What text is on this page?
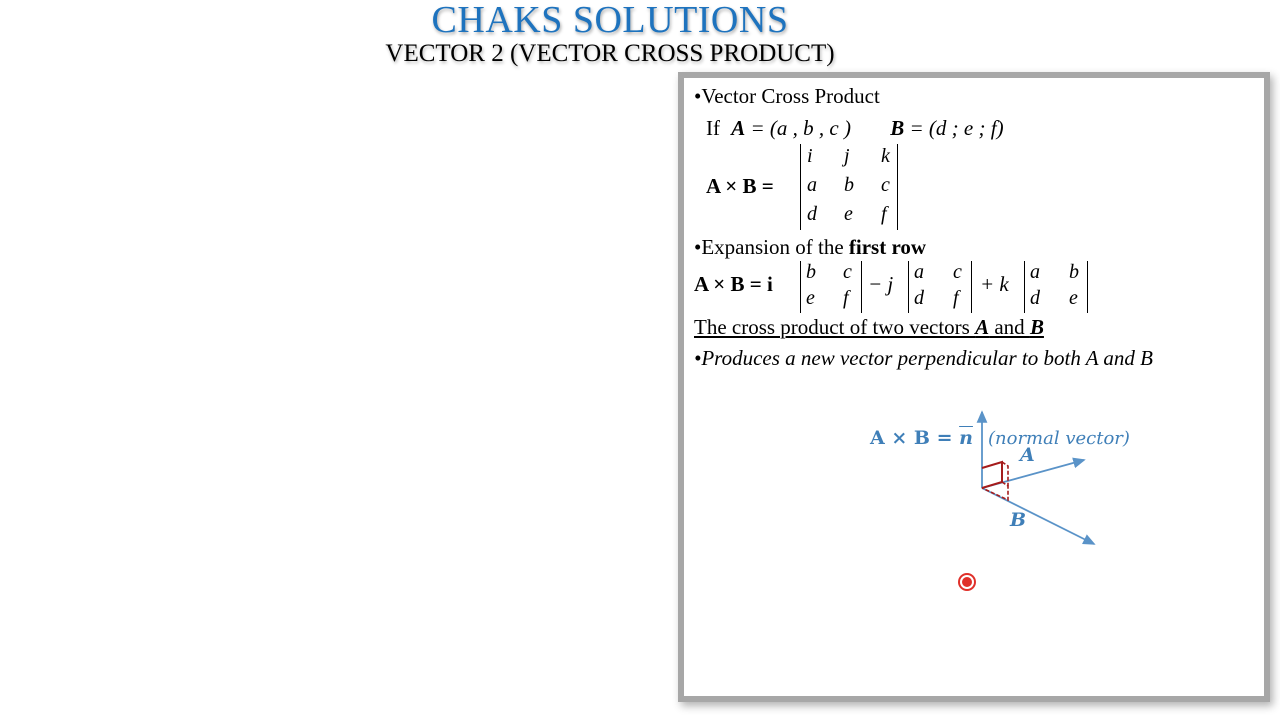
CHAKS SOLUTIONS
VECTOR 2 (VECTOR CROSS PRODUCT)
•Vector Cross Product
If A = (a , b , c ) B = (d ; e ; f)
A × B =
i j k
a b c
d e f
•Expansion of the first row
A × B = i b c
e f
− j a c
d f
+ k a b
d e
The cross product of two vectors A and B
•Produces a new vector perpendicular to both A and B
$A \times B = \overline{n}$ (normal vector)
A
B
